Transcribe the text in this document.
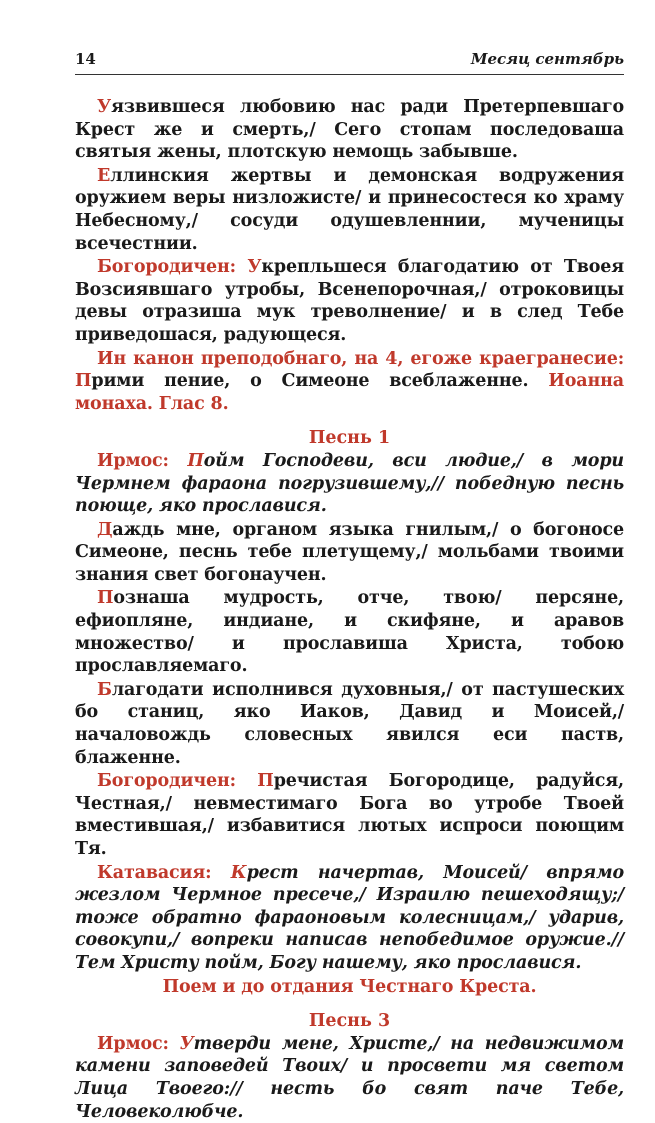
14	Месяц сентябрь

Уязвившеся любовию нас ради Претерпевшаго Крест же и смерть,/ Сего стопам последоваша святыя жены, плотскую немощь забывше.

Еллинския жертвы и демонская водружения оружием веры низложисте/ и принесостеся ко храму Небесному,/ сосуди одушевленнии, мученицы всечестнии.

Богородичен: Укрепльшеся благодатию от Твоея Возсиявшаго утробы, Всенепорочная,/ отроковицы девы отразиша мук треволнение/ и в след Тебе приведошася, радующеся.

Ин канон преподобнаго, на 4, егоже краегранесие: Прими пение, о Симеоне всеблаженне. Иоанна монаха. Глас 8.

Песнь 1

Ирмос: Пойм Господеви, вси людие,/ в мори Чермнем фараона погрузившему,// победную песнь поюще, яко прославися.

Даждь мне, органом языка гнилым,/ о богоносе Симеоне, песнь тебе плетущему,/ мольбами твоими знания свет богонаучен.

Познаша мудрость, отче, твою/ персяне, ефиопляне, индиане, и скифяне, и аравов множество/ и прославиша Христа, тобою прославляемаго.

Благодати исполнився духовныя,/ от пастушеских бо станиц, яко Иаков, Давид и Моисей,/ началовождь словесных явился еси паств, блаженне.

Богородичен: Пречистая Богородице, радуйся, Честная,/ невместимаго Бога во утробе Твоей вместившая,/ избавитися лютых испроси поющим Тя.

Катавасия: Крест начертав, Моисей/ впрямо жезлом Чермное пресече,/ Израилю пешеходящу;/ тоже обратно фараоновым колесницам,/ ударив, совокупи,/ вопреки написав непобедимое оружие.// Тем Христу пойм, Богу нашему, яко прославися.

Поем и до отдания Честнаго Креста.

Песнь 3

Ирмос: Утверди мене, Христе,/ на недвижимом камени заповедей Твоих/ и просвети мя светом Лица Твоего:// несть бо свят паче Тебе, Человеколюбче.
